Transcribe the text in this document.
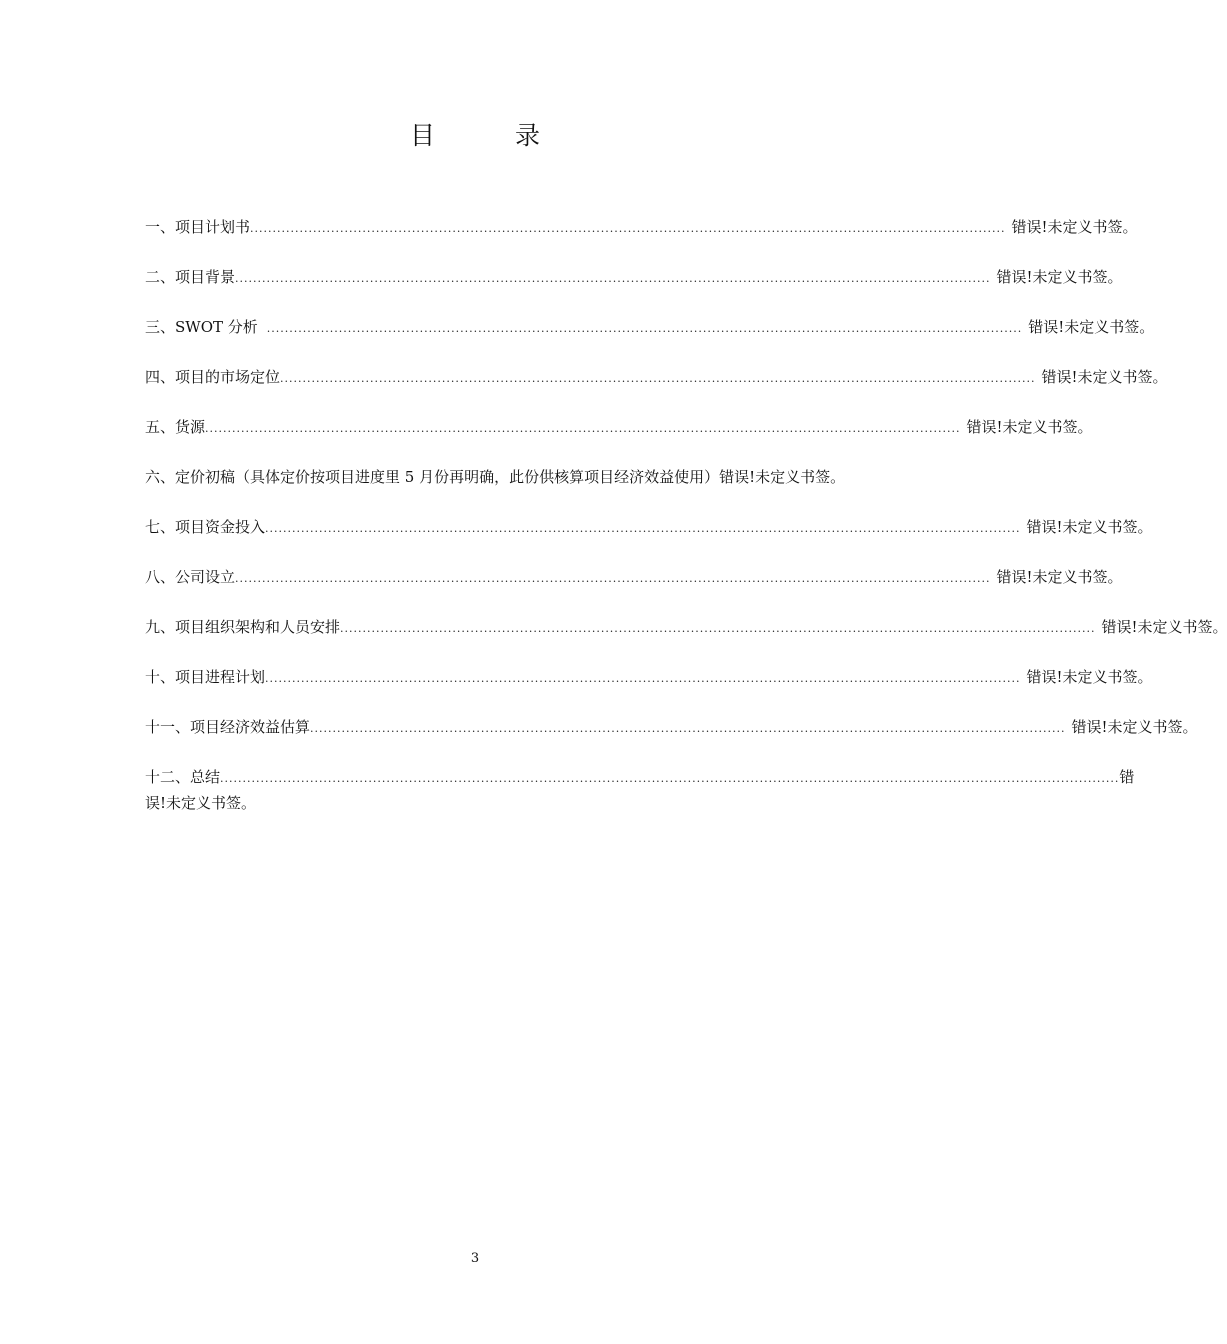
目 录
一、项目计划书 ........................................................................................................................................................................ 错误!未定义书签。
二、项目背景 ........................................................................................................................................................................ 错误!未定义书签。
三、SWOT 分析 ........................................................................................................................................................................ 错误!未定义书签。
四、项目的市场定位 ........................................................................................................................................................................ 错误!未定义书签。
五、货源 ........................................................................................................................................................................ 错误!未定义书签。
六、定价初稿（具体定价按项目进度里 5 月份再明确，此份供核算项目经济效益使用） 错误!未定义书签。
七、项目资金投入 ........................................................................................................................................................................ 错误!未定义书签。
八、公司设立 ........................................................................................................................................................................ 错误!未定义书签。
九、项目组织架构和人员安排 ........................................................................................................................................................................ 错误!未定义书签。
十、项目进程计划 ........................................................................................................................................................................ 错误!未定义书签。
十一、项目经济效益估算 ........................................................................................................................................................................ 错误!未定义书签。
十二、总结 ........................................................................................................................................................................................................ 错
误!未定义书签。
3
